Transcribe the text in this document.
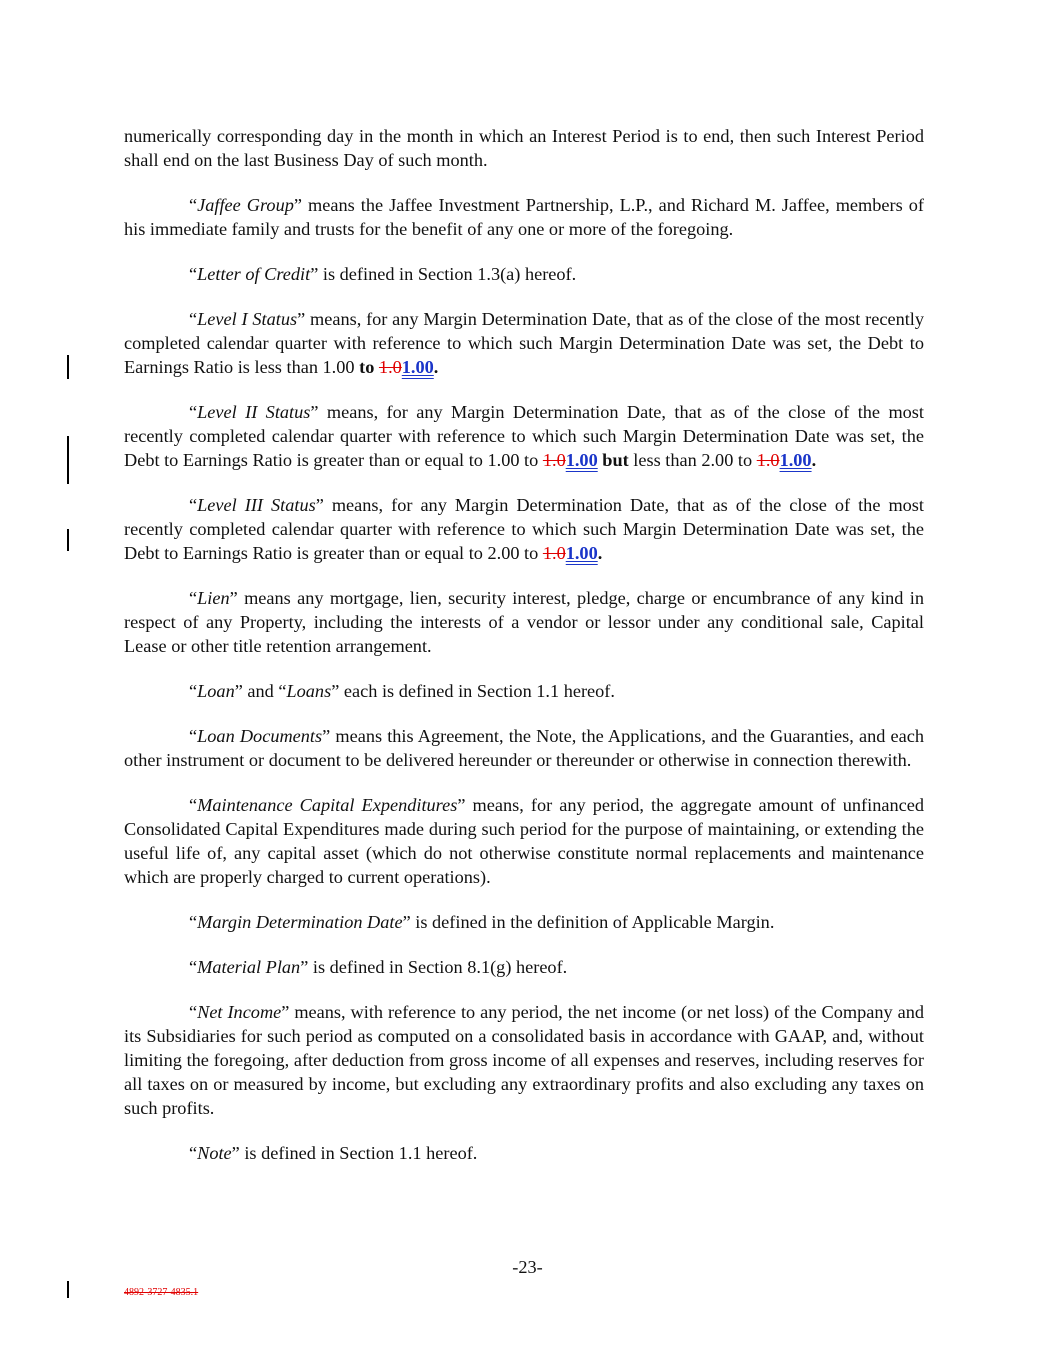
numerically corresponding day in the month in which an Interest Period is to end, then such Interest Period shall end on the last Business Day of such month.

“Jaffee Group” means the Jaffee Investment Partnership, L.P., and Richard M. Jaffee, members of his immediate family and trusts for the benefit of any one or more of the foregoing.

“Letter of Credit” is defined in Section 1.3(a) hereof.

“Level I Status” means, for any Margin Determination Date, that as of the close of the most recently completed calendar quarter with reference to which such Margin Determination Date was set, the Debt to Earnings Ratio is less than 1.00 to 1.01.00.

“Level II Status” means, for any Margin Determination Date, that as of the close of the most recently completed calendar quarter with reference to which such Margin Determination Date was set, the Debt to Earnings Ratio is greater than or equal to 1.00 to 1.01.00 but less than 2.00 to 1.01.00.

“Level III Status” means, for any Margin Determination Date, that as of the close of the most recently completed calendar quarter with reference to which such Margin Determination Date was set, the Debt to Earnings Ratio is greater than or equal to 2.00 to 1.01.00.

“Lien” means any mortgage, lien, security interest, pledge, charge or encumbrance of any kind in respect of any Property, including the interests of a vendor or lessor under any conditional sale, Capital Lease or other title retention arrangement.

“Loan” and “Loans” each is defined in Section 1.1 hereof.

“Loan Documents” means this Agreement, the Note, the Applications, and the Guaranties, and each other instrument or document to be delivered hereunder or thereunder or otherwise in connection therewith.

“Maintenance Capital Expenditures” means, for any period, the aggregate amount of unfinanced Consolidated Capital Expenditures made during such period for the purpose of maintaining, or extending the useful life of, any capital asset (which do not otherwise constitute normal replacements and maintenance which are properly charged to current operations).

“Margin Determination Date” is defined in the definition of Applicable Margin.

“Material Plan” is defined in Section 8.1(g) hereof.

“Net Income” means, with reference to any period, the net income (or net loss) of the Company and its Subsidiaries for such period as computed on a consolidated basis in accordance with GAAP, and, without limiting the foregoing, after deduction from gross income of all expenses and reserves, including reserves for all taxes on or measured by income, but excluding any extraordinary profits and also excluding any taxes on such profits.

“Note” is defined in Section 1.1 hereof.

-23-
4892-3727-4835.1
